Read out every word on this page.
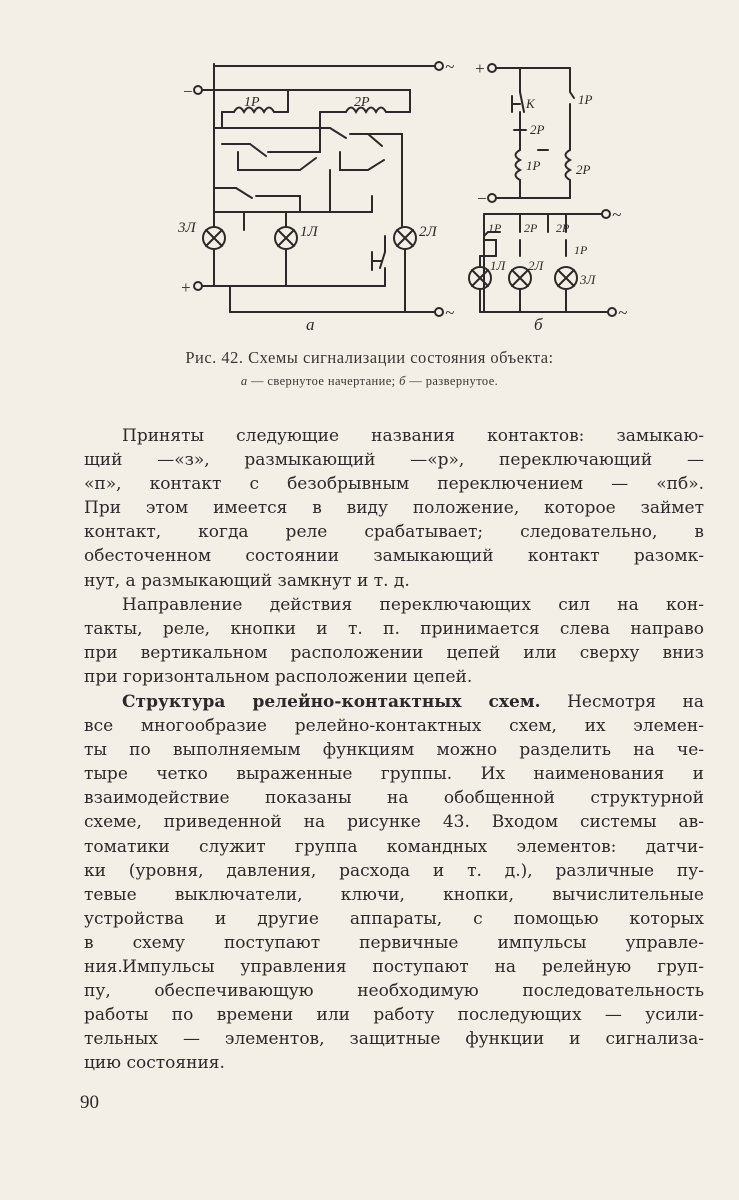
−
+
~
~
1Р	2Р
3Л	1Л	2Л
а
+
−
~
~
К	1Р
2Р
1Р	2Р
1Р 2Р 2Р
1Р
1Л 2Л
3Л
б
Рис. 42. Схемы сигнализации состояния объекта:
а — свернутое начертание; б — развернутое.
Приняты следующие названия контактов: замыкаю-
щий —«з», размыкающий —«р», переключающий —
«п», контакт с безобрывным переключением — «пб».
При этом имеется в виду положение, которое займет
контакт, когда реле срабатывает; следовательно, в
обесточенном состоянии замыкающий контакт разомк-
нут, а размыкающий замкнут и т. д.
Направление действия переключающих сил на кон-
такты, реле, кнопки и т. п. принимается слева направо
при вертикальном расположении цепей или сверху вниз
при горизонтальном расположении цепей.
Структура релейно-контактных схем. Несмотря на
все многообразие релейно-контактных схем, их элемен-
ты по выполняемым функциям можно разделить на че-
тыре четко выраженные группы. Их наименования и
взаимодействие показаны на обобщенной структурной
схеме, приведенной на рисунке 43. Входом системы ав-
томатики служит группа командных элементов: датчи-
ки (уровня, давления, расхода и т. д.), различные пу-
тевые выключатели, ключи, кнопки, вычислительные
устройства и другие аппараты, с помощью которых
в схему поступают первичные импульсы управле-
ния. Импульсы управления поступают на релейную груп-
пу, обеспечивающую необходимую последовательность
работы по времени или работу последующих — усили-
тельных — элементов, защитные функции и сигнализа-
цию состояния.
90
